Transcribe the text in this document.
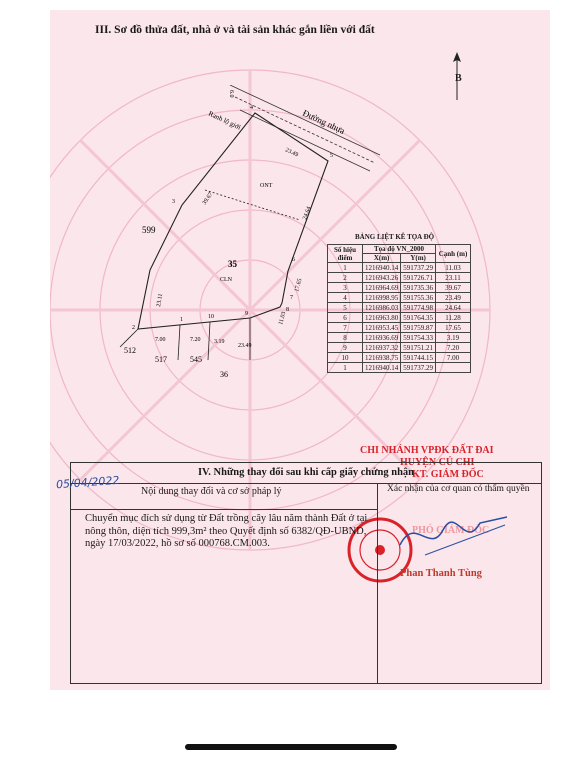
III. Sơ đồ thửa đất, nhà ở và tài sản khác gắn liền với đất
B
Đường nhựa
Ranh lộ giới
6.0
35
CLN
ONT
599
512
517	545
36
39.67
23.11
24.64
17.65
11.03
7.00	7.20 3.19
23.49
23.49
4
5
3
6
2
1	10	9
8
7
BẢNG LIỆT KÊ TỌA ĐỘ
Số hiệu điểm	Tọa độ VN_2000		Cạnh (m)
	X(m)	Y(m)	
1	1216940.14	591737.29	11.03
2	1216943.26	591726.71	23.11
3	1216964.69	591735.36	39.67
4	1216998.95	591755.36	23.49
5	1216986.03	591774.98	24.64
6	1216963.80	591764.35	11.28
7	1216953.45	591759.87	17.65
8	1216936.69	591754.33	3.19
9	1216937.32	591751.21	7.20
10	1216938.75	591744.15	7.00
1	1216940.14	591737.29	
CHI NHÁNH VPĐK ĐẤT ĐAI
HUYỆN CỦ CHI
KT. GIÁM ĐỐC
PHÓ GIÁM ĐỐC
IV. Những thay đổi sau khi cấp giấy chứng nhận
Nội dung thay đổi và cơ sở pháp lý	Xác nhận của cơ quan có thẩm quyền
Chuyển mục đích sử dụng từ Đất trồng cây lâu năm thành Đất ở tại nông thôn, diện tích 999,3m² theo Quyết định số 6382/QĐ-UBND, ngày 17/03/2022, hồ sơ số 000768.CM.003.
05/04/2022
Phan Thanh Tùng
